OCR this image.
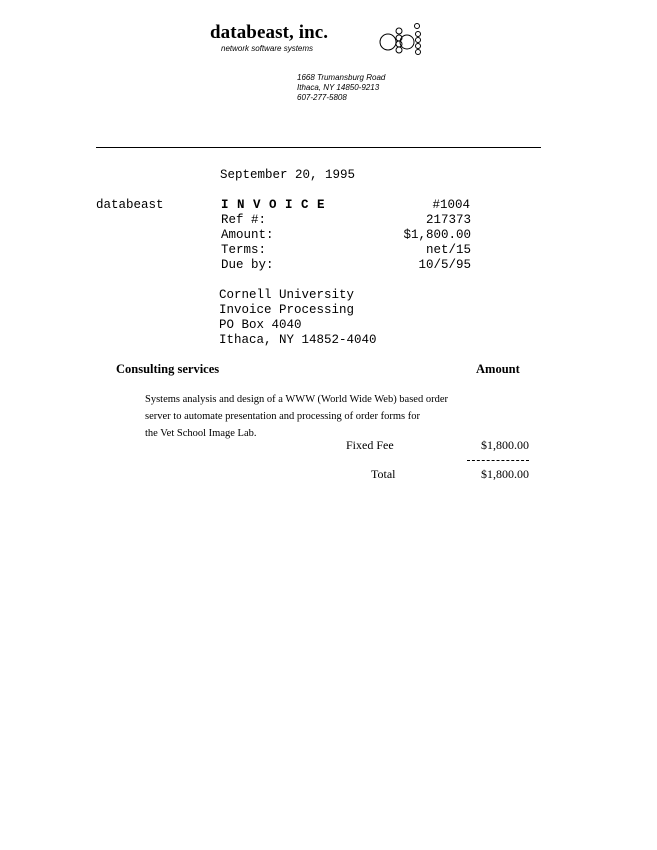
databeast, inc.
network software systems
1668 Trumansburg Road
Ithaca, NY 14850-9213
607-277-5808
September 20, 1995
databeast	I N V O I C E	#1004
Ref #:	217373
Amount:	$1,800.00
Terms:	net/15
Due by:	10/5/95
Cornell University
Invoice Processing
PO Box 4040
Ithaca, NY 14852-4040
Consulting services	Amount
Systems analysis and design of a WWW (World Wide Web) based order
server to automate presentation and processing of order forms for
the Vet School Image Lab.
Fixed Fee	$1,800.00
Total	$1,800.00
